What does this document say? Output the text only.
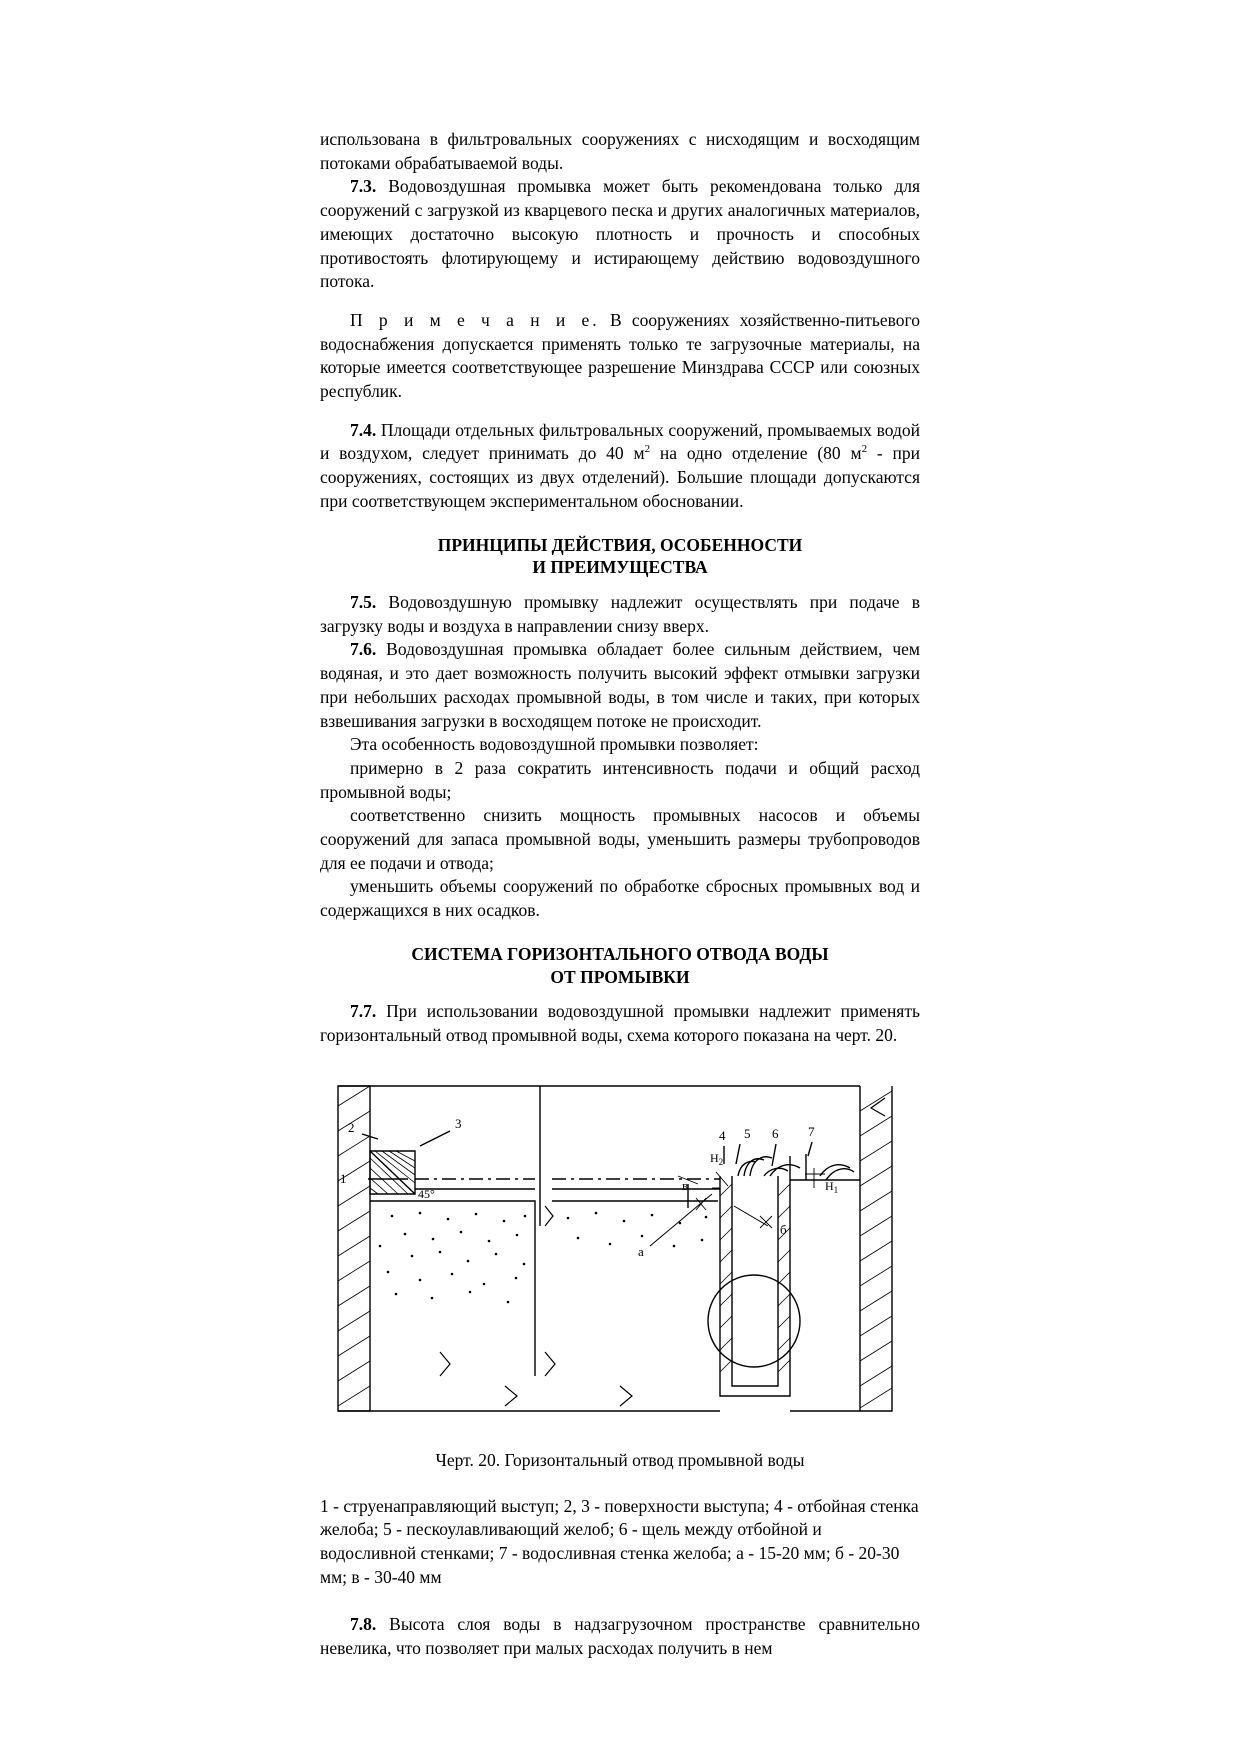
использована в фильтровальных сооружениях с нисходящим и восходящим потоками обрабатываемой воды.

7.3. Водовоздушная промывка может быть рекомендована только для сооружений с загрузкой из кварцевого песка и других аналогичных материалов, имеющих достаточно высокую плотность и прочность и способных противостоять флотирующему и истирающему действию водовоздушного потока.

П р и м е ч а н и е. В сооружениях хозяйственно-питьевого водоснабжения допускается применять только те загрузочные материалы, на которые имеется соответствующее разрешение Минздрава СССР или союзных республик.

7.4. Площади отдельных фильтровальных сооружений, промываемых водой и воздухом, следует принимать до 40 $м^2$ на одно отделение (80 $м^2$ - при сооружениях, состоящих из двух отделений). Большие площади допускаются при соответствующем экспериментальном обосновании.

ПРИНЦИПЫ ДЕЙСТВИЯ, ОСОБЕННОСТИ
И ПРЕИМУЩЕСТВА

7.5. Водовоздушную промывку надлежит осуществлять при подаче в загрузку воды и воздуха в направлении снизу вверх.

7.6. Водовоздушная промывка обладает более сильным действием, чем водяная, и это дает возможность получить высокий эффект отмывки загрузки при небольших расходах промывной воды, в том числе и таких, при которых взвешивания загрузки в восходящем потоке не происходит.

Эта особенность водовоздушной промывки позволяет:

примерно в 2 раза сократить интенсивность подачи и общий расход промывной воды;

соответственно снизить мощность промывных насосов и объемы сооружений для запаса промывной воды, уменьшить размеры трубопроводов для ее подачи и отвода;

уменьшить объемы сооружений по обработке сбросных промывных вод и содержащихся в них осадков.

СИСТЕМА ГОРИЗОНТАЛЬНОГО ОТВОДА ВОДЫ
ОТ ПРОМЫВКИ

7.7. При использовании водовоздушной промывки надлежит применять горизонтальный отвод промывной воды, схема которого показана на черт. 20.

2	3
1
4 5 6 7
45°
$H_2$
$H_1$
а
б
в
Черт. 20. Горизонтальный отвод промывной воды
1 - струенаправляющий выступ; 2, 3 - поверхности выступа; 4 - отбойная стенка желоба; 5 - пескоулавливающий желоб; 6 - щель между отбойной и водосливной стенками; 7 - водосливная стенка желоба; а - 15-20 мм; б - 20-30 мм; в - 30-40 мм

7.8. Высота слоя воды в надзагрузочном пространстве сравнительно невелика, что позволяет при малых расходах получить в нем
